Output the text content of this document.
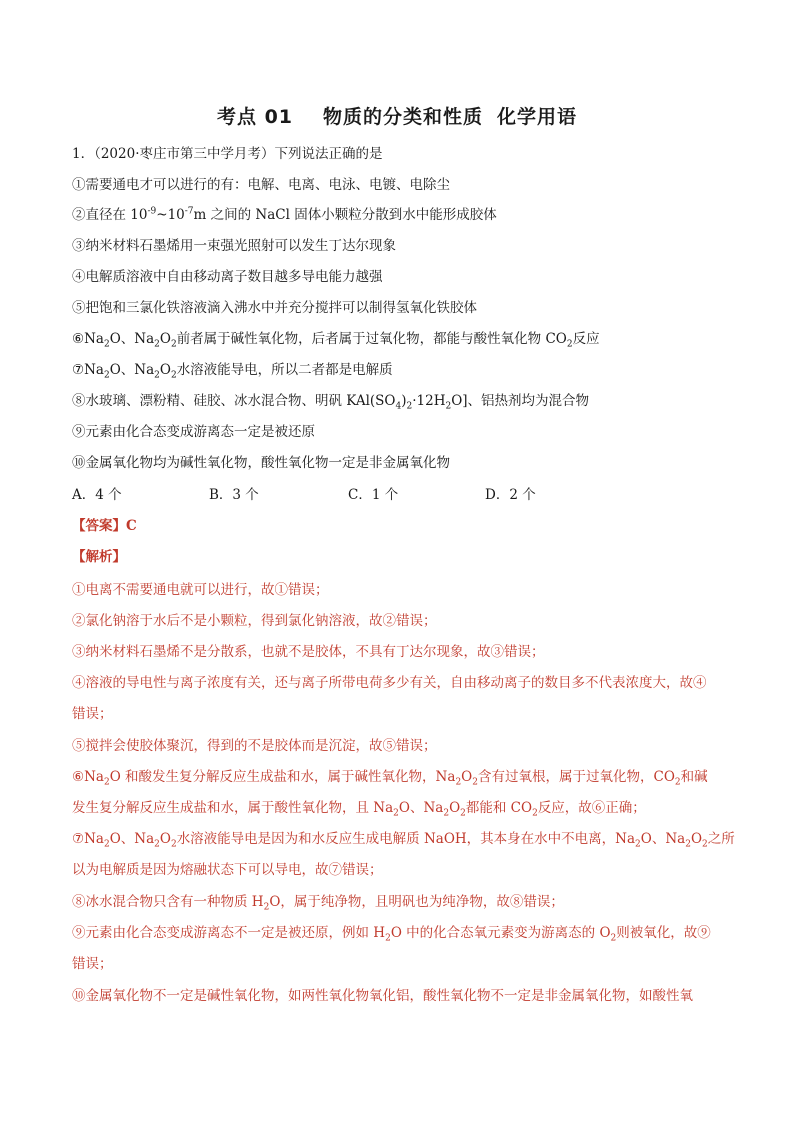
考点 01 物质的分类和性质 化学用语
1．（2020·枣庄市第三中学月考）下列说法正确的是
①需要通电才可以进行的有：电解、电离、电泳、电镀、电除尘
②直径在 $10^{-9}\sim 10^{-7}m$ 之间的 NaCl 固体小颗粒分散到水中能形成胶体
③纳米材料石墨烯用一束强光照射可以发生丁达尔现象
④电解质溶液中自由移动离子数目越多导电能力越强
⑤把饱和三氯化铁溶液滴入沸水中并充分搅拌可以制得氢氧化铁胶体
$⑥Na_2O$、$Na_2O_2$前者属于碱性氧化物，后者属于过氧化物，都能与酸性氧化物 $CO_2$反应
$⑦Na_2O$、$Na_2O_2$水溶液能导电，所以二者都是电解质
⑧水玻璃、漂粉精、硅胶、冰水混合物、明矾 $KAl(SO_4)_2\cdot 12H_2O$]、铝热剂均为混合物
⑨元素由化合态变成游离态一定是被还原
⑩金属氧化物均为碱性氧化物，酸性氧化物一定是非金属氧化物
A．4 个	B．3 个	C．1 个	D．2 个
【答案】C
【解析】
①电离不需要通电就可以进行，故①错误；
②氯化钠溶于水后不是小颗粒，得到氯化钠溶液，故②错误；
③纳米材料石墨烯不是分散系，也就不是胶体，不具有丁达尔现象，故③错误；
④溶液的导电性与离子浓度有关，还与离子所带电荷多少有关，自由移动离子的数目多不代表浓度大，故④
错误；
⑤搅拌会使胶体聚沉，得到的不是胶体而是沉淀，故⑤错误；
$⑥Na_2O$ 和酸发生复分解反应生成盐和水，属于碱性氧化物，$Na_2O_2$含有过氧根，属于过氧化物，$CO_2$和碱
发生复分解反应生成盐和水，属于酸性氧化物，且 $Na_2O$、$Na_2O_2$都能和 $CO_2$反应，故⑥正确；
$⑦Na_2O$、$Na_2O_2$水溶液能导电是因为和水反应生成电解质 NaOH，其本身在水中不电离，$Na_2O$、$Na_2O_2$之所
以为电解质是因为熔融状态下可以导电，故⑦错误；
⑧冰水混合物只含有一种物质 $H_2O$，属于纯净物，且明矾也为纯净物，故⑧错误；
⑨元素由化合态变成游离态不一定是被还原，例如 $H_2O$ 中的化合态氧元素变为游离态的 $O_2$则被氧化，故⑨
错误；
⑩金属氧化物不一定是碱性氧化物，如两性氧化物氧化铝，酸性氧化物不一定是非金属氧化物，如酸性氧
